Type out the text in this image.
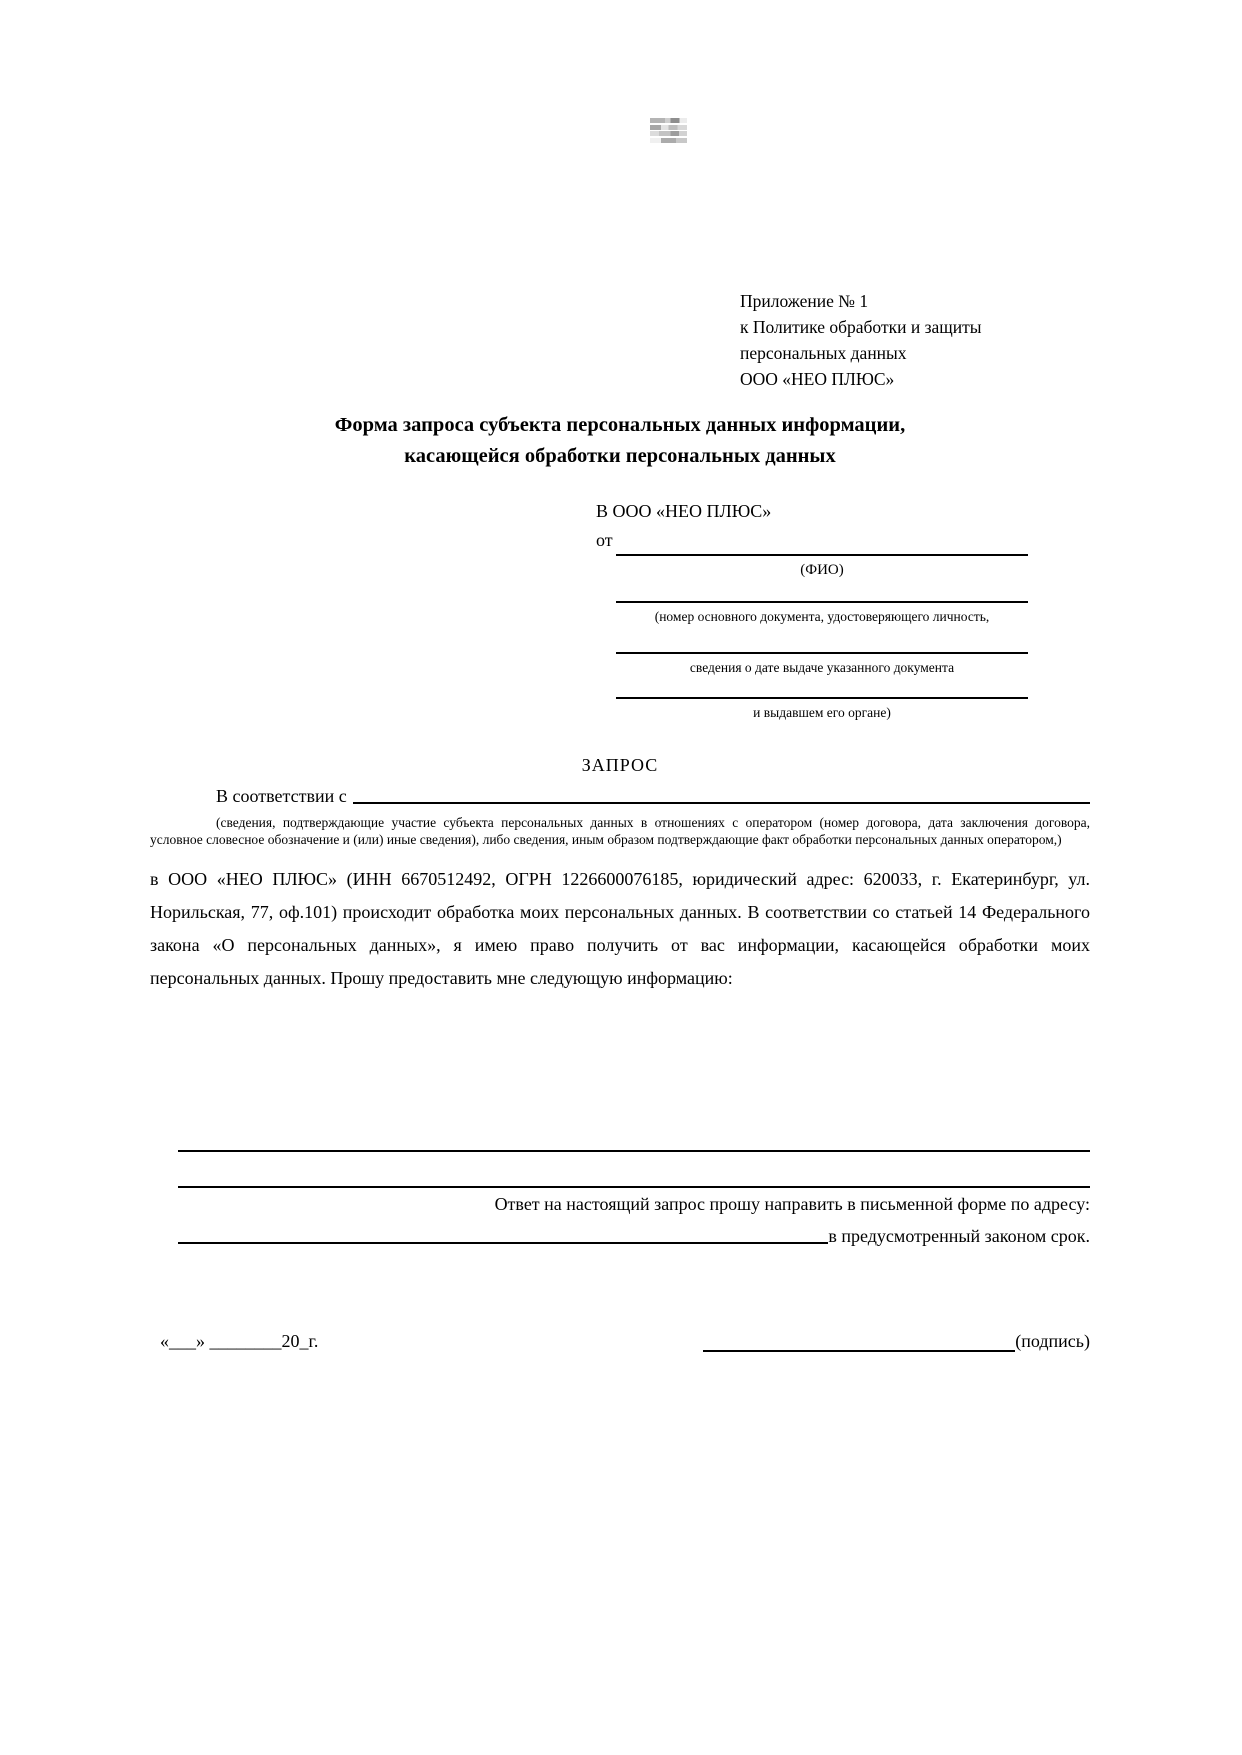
Приложение № 1
к Политике обработки и защиты
персональных данных
ООО «НЕО ПЛЮС»
Форма запроса субъекта персональных данных информации,
касающейся обработки персональных данных
В ООО «НЕО ПЛЮС»
от
(ФИО)
(номер основного документа, удостоверяющего личность,
сведения о дате выдаче указанного документа
и выдавшем его органе)
ЗАПРОС
В соответствии с
(сведения, подтверждающие участие субъекта персональных данных в отношениях с оператором (номер договора, дата заключения договора, условное словесное обозначение и (или) иные сведения), либо сведения, иным образом подтверждающие факт обработки персональных данных оператором,)
в ООО «НЕО ПЛЮС» (ИНН 6670512492, ОГРН 1226600076185, юридический адрес: 620033, г. Екатеринбург, ул. Норильская, 77, оф.101) происходит обработка моих персональных данных. В соответствии со статьей 14 Федерального закона «О персональных данных», я имею право получить от вас информации, касающейся обработки моих персональных данных. Прошу предоставить мне следующую информацию:
Ответ на настоящий запрос прошу направить в письменной форме по адресу:
в предусмотренный законом срок.
«___» ________20_г.	(подпись)
